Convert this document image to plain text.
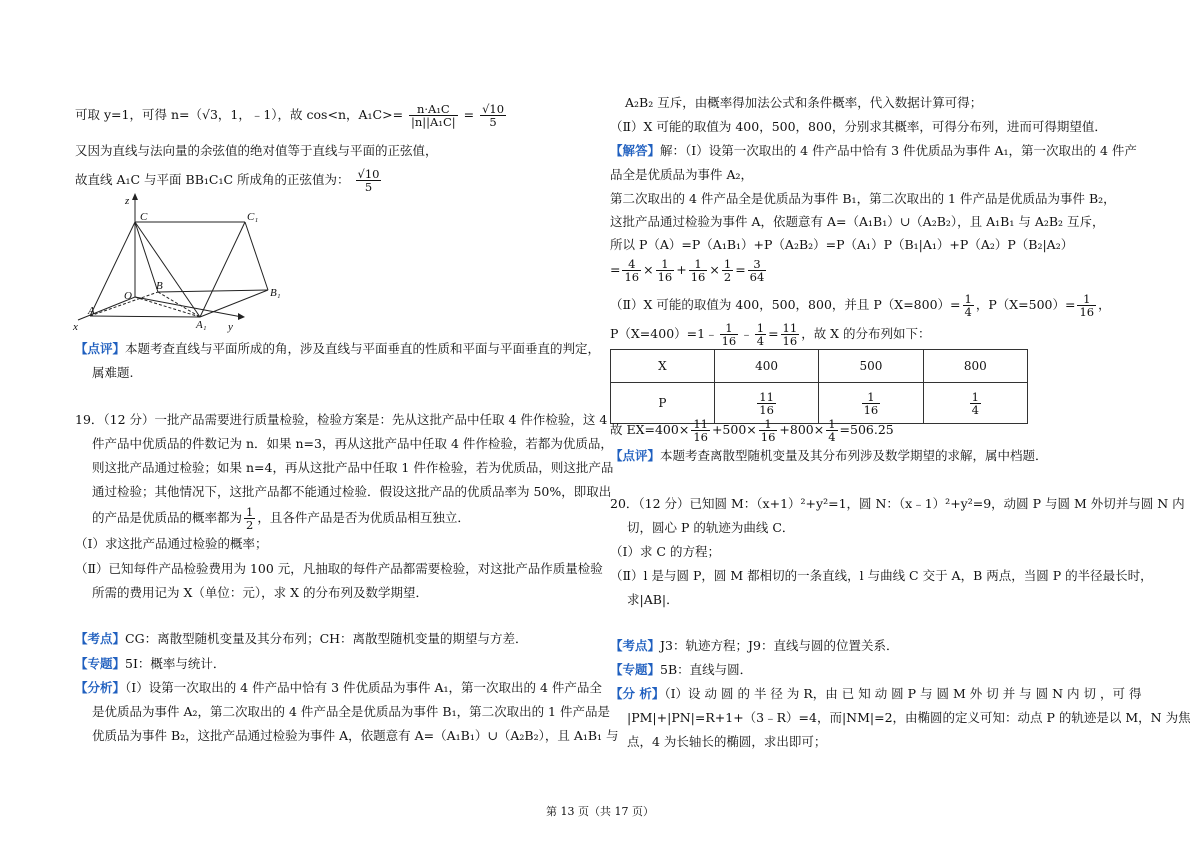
可取 y=1，可得 n=（√3，1，﹣1），故 cos<n，$A_1C>= \frac{\text{n·A₁C}}{\text{|n||A₁C|}} = \frac{√10}{5}$
又因为直线与法向量的余弦值的绝对值等于直线与平面的正弦值，
故直线 A₁C 与平面 BB₁C₁C 所成角的正弦值为： $\frac{√10}{5}$
z
C	C₁
B
B₁
O
A
A₁
x	y
【点评】本题考查直线与平面所成的角，涉及直线与平面垂直的性质和平面与平面垂直的判定，
属难题.
19．（12 分）一批产品需要进行质量检验，检验方案是：先从这批产品中任取 4 件作检验，这 4
件产品中优质品的件数记为 n．如果 n=3，再从这批产品中任取 4 件作检验，若都为优质品，
则这批产品通过检验；如果 n=4，再从这批产品中任取 1 件作检验，若为优质品，则这批产品
通过检验；其他情况下，这批产品都不能通过检验．假设这批产品的优质品率为 50%，即取出
的产品是优质品的概率都为 $\frac{1}{2}$ ，且各件产品是否为优质品相互独立．
（Ⅰ）求这批产品通过检验的概率；
（Ⅱ）已知每件产品检验费用为 100 元，凡抽取的每件产品都需要检验，对这批产品作质量检验
所需的费用记为 X（单位：元），求 X 的分布列及数学期望．
【考点】CG：离散型随机变量及其分布列；CH：离散型随机变量的期望与方差．
【专题】5I：概率与统计．
【分析】（Ⅰ）设第一次取出的 4 件产品中恰有 3 件优质品为事件 A₁，第一次取出的 4 件产品全
是优质品为事件 A₂，第二次取出的 4 件产品全是优质品为事件 B₁，第二次取出的 1 件产品是
优质品为事件 B₂，这批产品通过检验为事件 A，依题意有 A=（A₁B₁）∪（A₂B₂），且 A₁B₁ 与
A₂B₂ 互斥，由概率得加法公式和条件概率，代入数据计算可得；
（Ⅱ）X 可能的取值为 400，500，800，分别求其概率，可得分布列，进而可得期望值．
【解答】解：（Ⅰ）设第一次取出的 4 件产品中恰有 3 件优质品为事件 A₁，第一次取出的 4 件产
品全是优质品为事件 A₂，
第二次取出的 4 件产品全是优质品为事件 B₁，第二次取出的 1 件产品是优质品为事件 B₂，
这批产品通过检验为事件 A，依题意有 A=（A₁B₁）∪（A₂B₂），且 A₁B₁ 与 A₂B₂ 互斥，
所以 P（A）=P（A₁B₁）+P（A₂B₂）=P（A₁）P（B₁|A₁）+P（A₂）P（B₂|A₂）
= $\frac{4}{16} \times \frac{1}{16} + \frac{1}{16} \times \frac{1}{2} = \frac{3}{64}$
（Ⅱ）X 可能的取值为 400，500，800，并且 $P(X=800)= \frac{1}{4}$ ，$P(X=500)= \frac{1}{16}$ ，
P（X=400）=1﹣ $\frac{1}{16}$ ﹣ $\frac{1}{4} = \frac{11}{16}$ ，故 X 的分布列如下：
X	400	500	800
P	$\frac{11}{16}$	$\frac{1}{16}$	$\frac{1}{4}$
故 $EX=400\times \frac{11}{16} +500\times \frac{1}{16} +800\times \frac{1}{4} =506.25$
【点评】本题考查离散型随机变量及其分布列涉及数学期望的求解，属中档题．
20．（12 分）已知圆 M：（x+1）²+y²=1，圆 N：（x﹣1）²+y²=9，动圆 P 与圆 M 外切并与圆 N 内
切，圆心 P 的轨迹为曲线 C．
（Ⅰ）求 C 的方程；
（Ⅱ）l 是与圆 P，圆 M 都相切的一条直线，l 与曲线 C 交于 A，B 两点，当圆 P 的半径最长时，
求|AB|．
【考点】J3：轨迹方程；J9：直线与圆的位置关系．
【专题】5B：直线与圆．
【分 析】（I）设 动 圆 的 半 径 为 R，由 已 知 动 圆 P 与 圆 M 外 切 并 与 圆 N 内 切 ，可 得
|PM|+|PN|=R+1+（3﹣R）=4，而|NM|=2，由椭圆的定义可知：动点 P 的轨迹是以 M，N 为焦
点，4 为长轴长的椭圆，求出即可；
第 13 页（共 17 页）
